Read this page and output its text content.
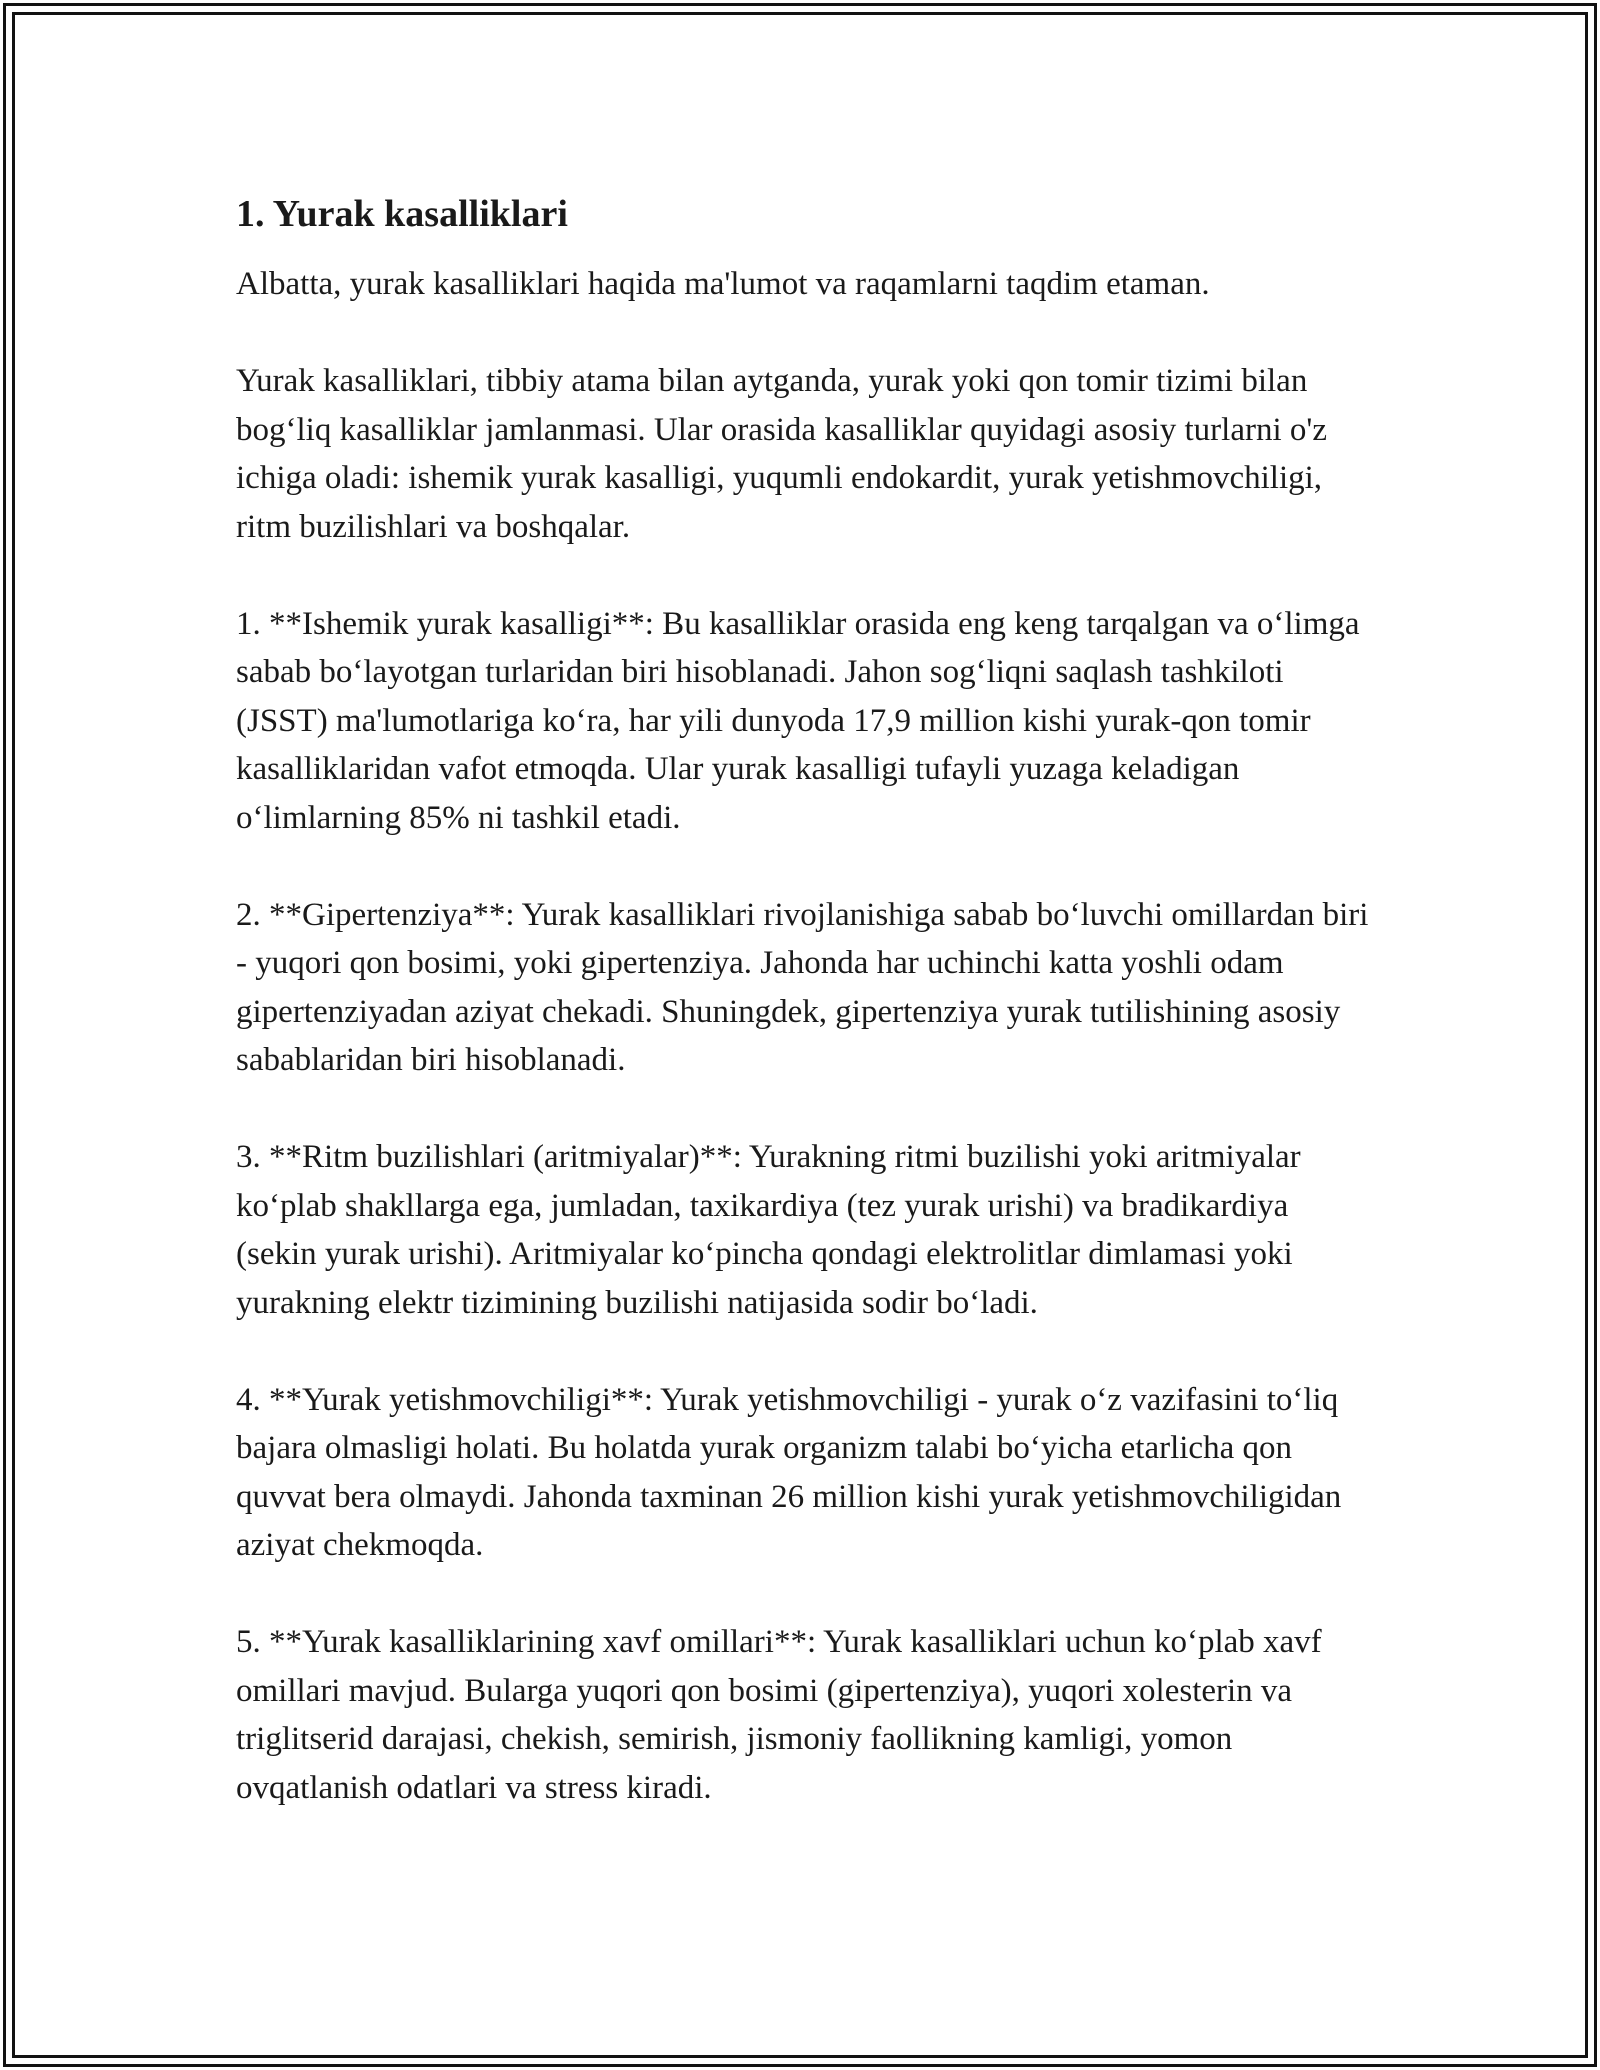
1. Yurak kasalliklari

Albatta, yurak kasalliklari haqida ma'lumot va raqamlarni taqdim etaman.

Yurak kasalliklari, tibbiy atama bilan aytganda, yurak yoki qon tomir tizimi bilan bog‘liq kasalliklar jamlanmasi. Ular orasida kasalliklar quyidagi asosiy turlarni o'z ichiga oladi: ishemik yurak kasalligi, yuqumli endokardit, yurak yetishmovchiligi, ritm buzilishlari va boshqalar.

1. **Ishemik yurak kasalligi**: Bu kasalliklar orasida eng keng tarqalgan va o‘limga sabab bo‘layotgan turlaridan biri hisoblanadi. Jahon sog‘liqni saqlash tashkiloti (JSST) ma'lumotlariga ko‘ra, har yili dunyoda 17,9 million kishi yurak-qon tomir kasalliklaridan vafot etmoqda. Ular yurak kasalligi tufayli yuzaga keladigan o‘limlarning 85% ni tashkil etadi.

2. **Gipertenziya**: Yurak kasalliklari rivojlanishiga sabab bo‘luvchi omillardan biri - yuqori qon bosimi, yoki gipertenziya. Jahonda har uchinchi katta yoshli odam gipertenziyadan aziyat chekadi. Shuningdek, gipertenziya yurak tutilishining asosiy sabablaridan biri hisoblanadi.

3. **Ritm buzilishlari (aritmiyalar)**: Yurakning ritmi buzilishi yoki aritmiyalar ko‘plab shakllarga ega, jumladan, taxikardiya (tez yurak urishi) va bradikardiya (sekin yurak urishi). Aritmiyalar ko‘pincha qondagi elektrolitlar dimlamasi yoki yurakning elektr tizimining buzilishi natijasida sodir bo‘ladi.

4. **Yurak yetishmovchiligi**: Yurak yetishmovchiligi - yurak o‘z vazifasini to‘liq bajara olmasligi holati. Bu holatda yurak organizm talabi bo‘yicha etarlicha qon quvvat bera olmaydi. Jahonda taxminan 26 million kishi yurak yetishmovchiligidan aziyat chekmoqda.

5. **Yurak kasalliklarining xavf omillari**: Yurak kasalliklari uchun ko‘plab xavf omillari mavjud. Bularga yuqori qon bosimi (gipertenziya), yuqori xolesterin va triglitserid darajasi, chekish, semirish, jismoniy faollikning kamligi, yomon ovqatlanish odatlari va stress kiradi.
